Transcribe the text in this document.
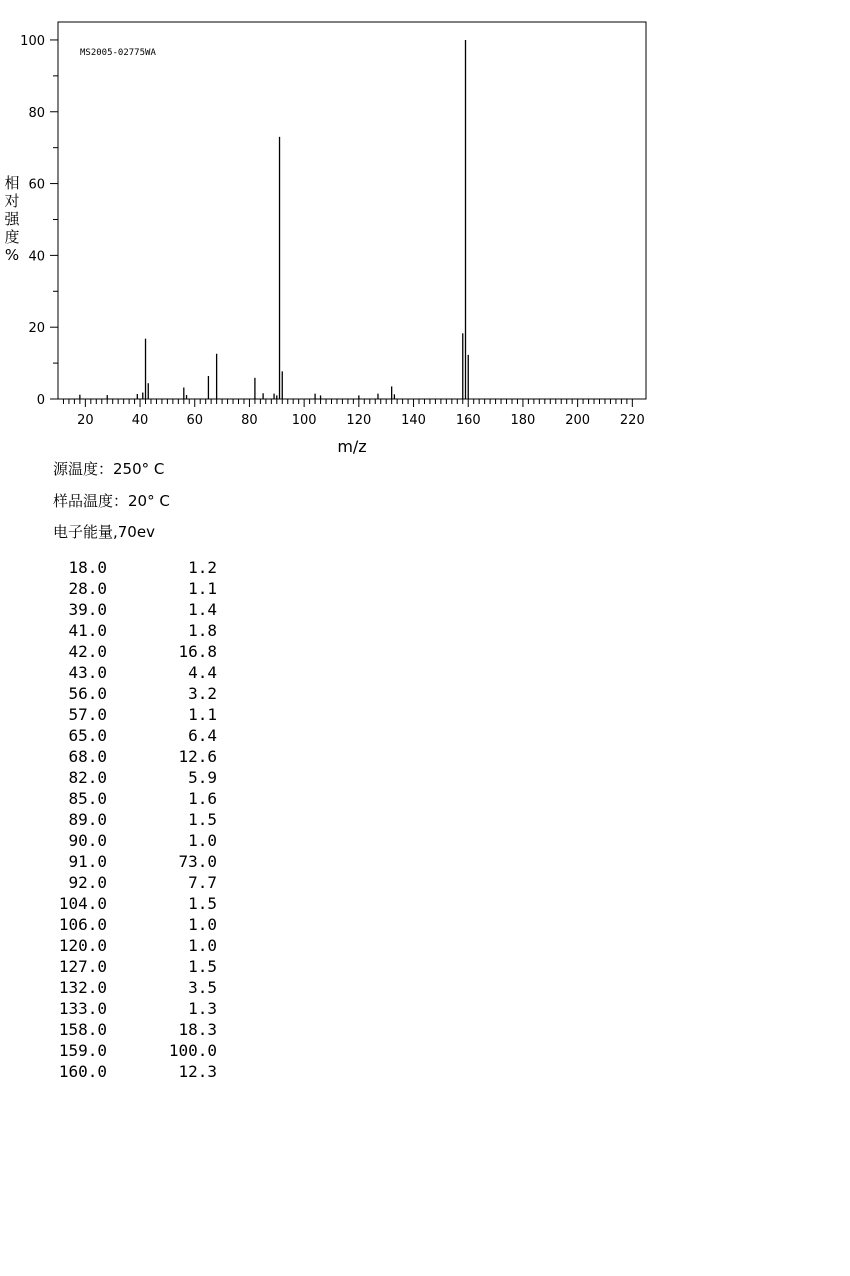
20	40	60	80	100 120 140 160 180 200 220
0
20
40
60
80
100
MS2005-02775WA
m/z
相
对
强
度
%
源温度：250° C
样品温度：20° C
电子能量,70ev
18.0	1.2
28.0	1.1
39.0	1.4
41.0	1.8
42.0	16.8
43.0	4.4
56.0	3.2
57.0	1.1
65.0	6.4
68.0	12.6
82.0	5.9
85.0	1.6
89.0	1.5
90.0	1.0
91.0	73.0
92.0	7.7
104.0	1.5
106.0	1.0
120.0	1.0
127.0	1.5
132.0	3.5
133.0	1.3
158.0	18.3
159.0	100.0
160.0	12.3
